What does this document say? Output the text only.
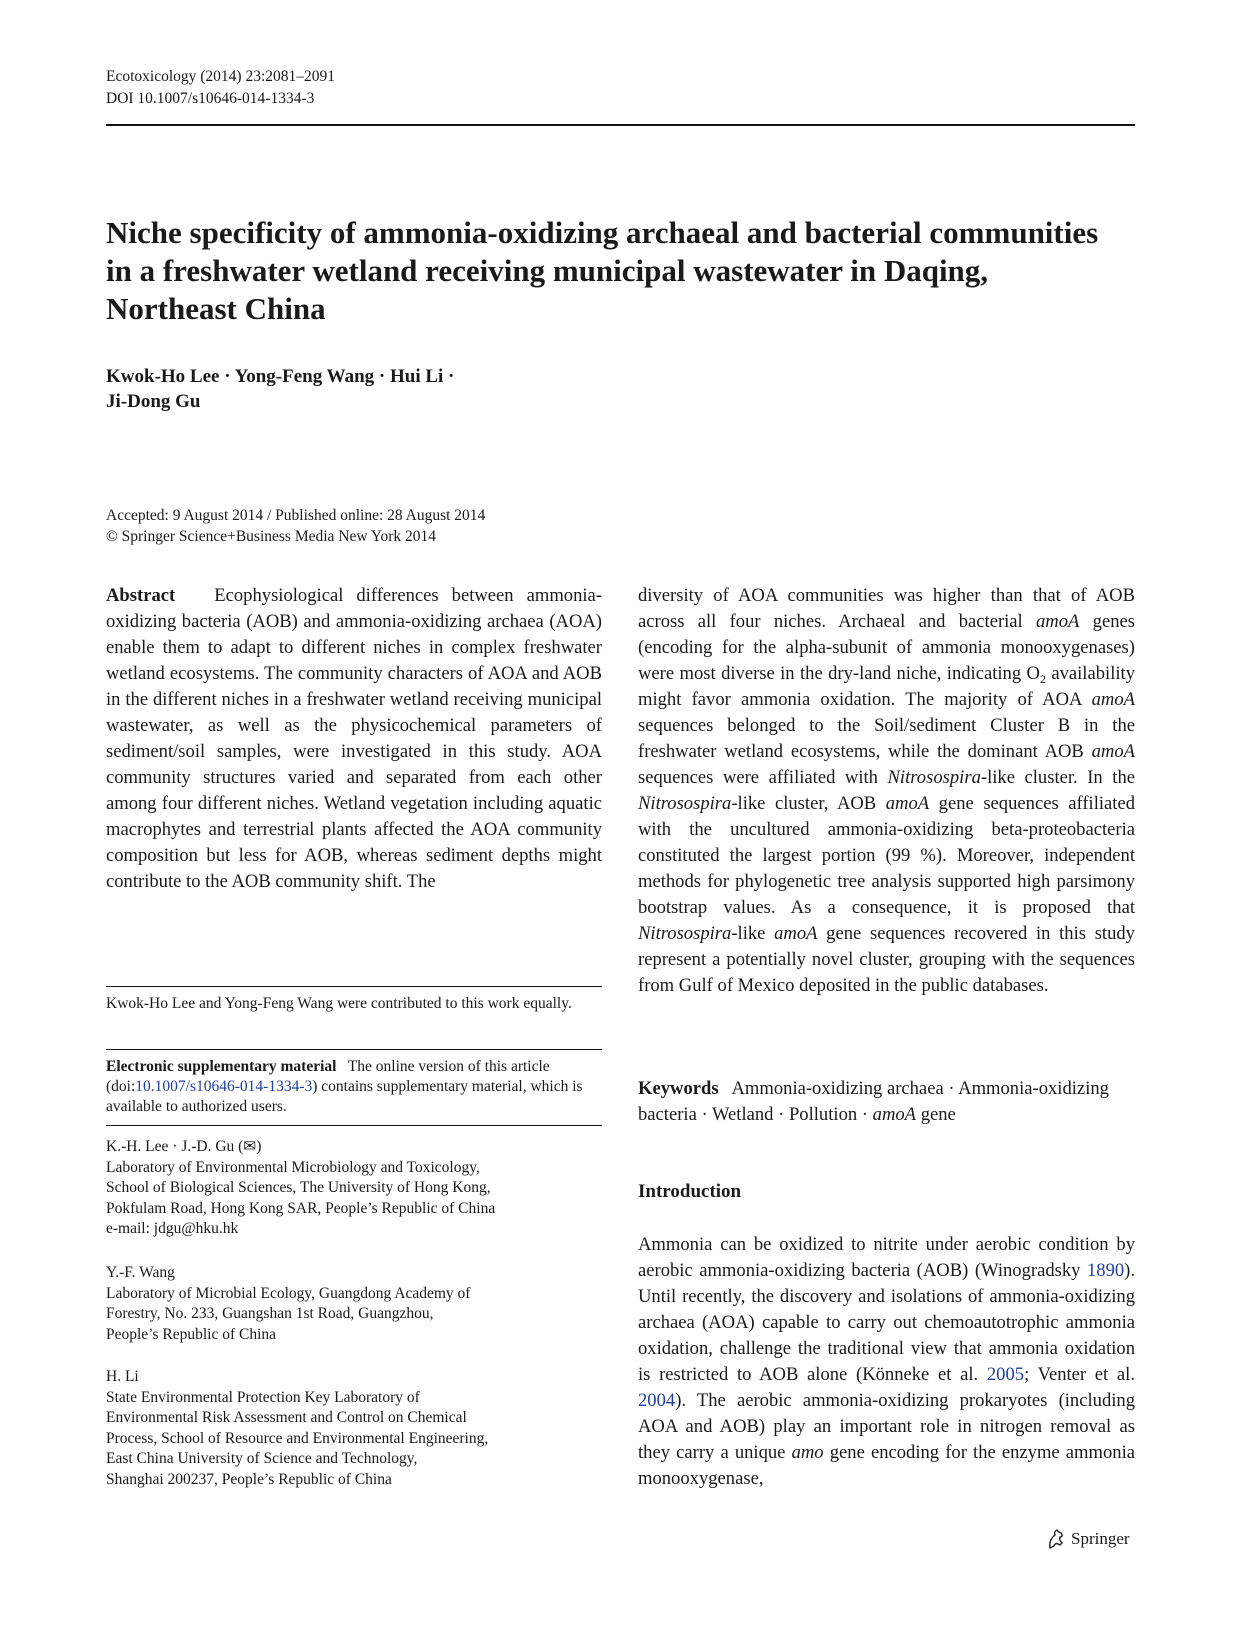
Ecotoxicology (2014) 23:2081–2091
DOI 10.1007/s10646-014-1334-3
Niche specificity of ammonia-oxidizing archaeal and bacterial communities in a freshwater wetland receiving municipal wastewater in Daqing, Northeast China
Kwok-Ho Lee · Yong-Feng Wang · Hui Li ·
Ji-Dong Gu
Accepted: 9 August 2014 / Published online: 28 August 2014
© Springer Science+Business Media New York 2014

Abstract Ecophysiological differences between ammonia-oxidizing bacteria (AOB) and ammonia-oxidizing archaea (AOA) enable them to adapt to different niches in complex freshwater wetland ecosystems. The community characters of AOA and AOB in the different niches in a freshwater wetland receiving municipal wastewater, as well as the physicochemical parameters of sediment/soil samples, were investigated in this study. AOA community structures varied and separated from each other among four different niches. Wetland vegetation including aquatic macrophytes and terrestrial plants affected the AOA community composition but less for AOB, whereas sediment depths might contribute to the AOB community shift. The

Kwok-Ho Lee and Yong-Feng Wang were contributed to this work equally.
Electronic supplementary material The online version of this article (doi:10.1007/s10646-014-1334-3) contains supplementary material, which is available to authorized users.
K.-H. Lee · J.-D. Gu (✉)
Laboratory of Environmental Microbiology and Toxicology,
School of Biological Sciences, The University of Hong Kong,
Pokfulam Road, Hong Kong SAR, People’s Republic of China
e-mail: jdgu@hku.hk
Y.-F. Wang
Laboratory of Microbial Ecology, Guangdong Academy of
Forestry, No. 233, Guangshan 1st Road, Guangzhou,
People’s Republic of China
H. Li
State Environmental Protection Key Laboratory of
Environmental Risk Assessment and Control on Chemical
Process, School of Resource and Environmental Engineering,
East China University of Science and Technology,
Shanghai 200237, People’s Republic of China

diversity of AOA communities was higher than that of AOB across all four niches. Archaeal and bacterial amoA genes (encoding for the alpha-subunit of ammonia monooxygenases) were most diverse in the dry-land niche, indicating $O_2$ availability might favor ammonia oxidation. The majority of AOA amoA sequences belonged to the Soil/sediment Cluster B in the freshwater wetland ecosystems, while the dominant AOB amoA sequences were affiliated with Nitrosospira-like cluster. In the Nitrosospira-like cluster, AOB amoA gene sequences affiliated with the uncultured ammonia-oxidizing beta-proteobacteria constituted the largest portion (99 %). Moreover, independent methods for phylogenetic tree analysis supported high parsimony bootstrap values. As a consequence, it is proposed that Nitrosospira-like amoA gene sequences recovered in this study represent a potentially novel cluster, grouping with the sequences from Gulf of Mexico deposited in the public databases.

Keywords Ammonia-oxidizing archaea · Ammonia-oxidizing bacteria · Wetland · Pollution · amoA gene
Introduction

Ammonia can be oxidized to nitrite under aerobic condition by aerobic ammonia-oxidizing bacteria (AOB) (Winogradsky 1890). Until recently, the discovery and isolations of ammonia-oxidizing archaea (AOA) capable to carry out chemoautotrophic ammonia oxidation, challenge the traditional view that ammonia oxidation is restricted to AOB alone (Könneke et al. 2005; Venter et al. 2004). The aerobic ammonia-oxidizing prokaryotes (including AOA and AOB) play an important role in nitrogen removal as they carry a unique amo gene encoding for the enzyme ammonia monooxygenase,

Springer
